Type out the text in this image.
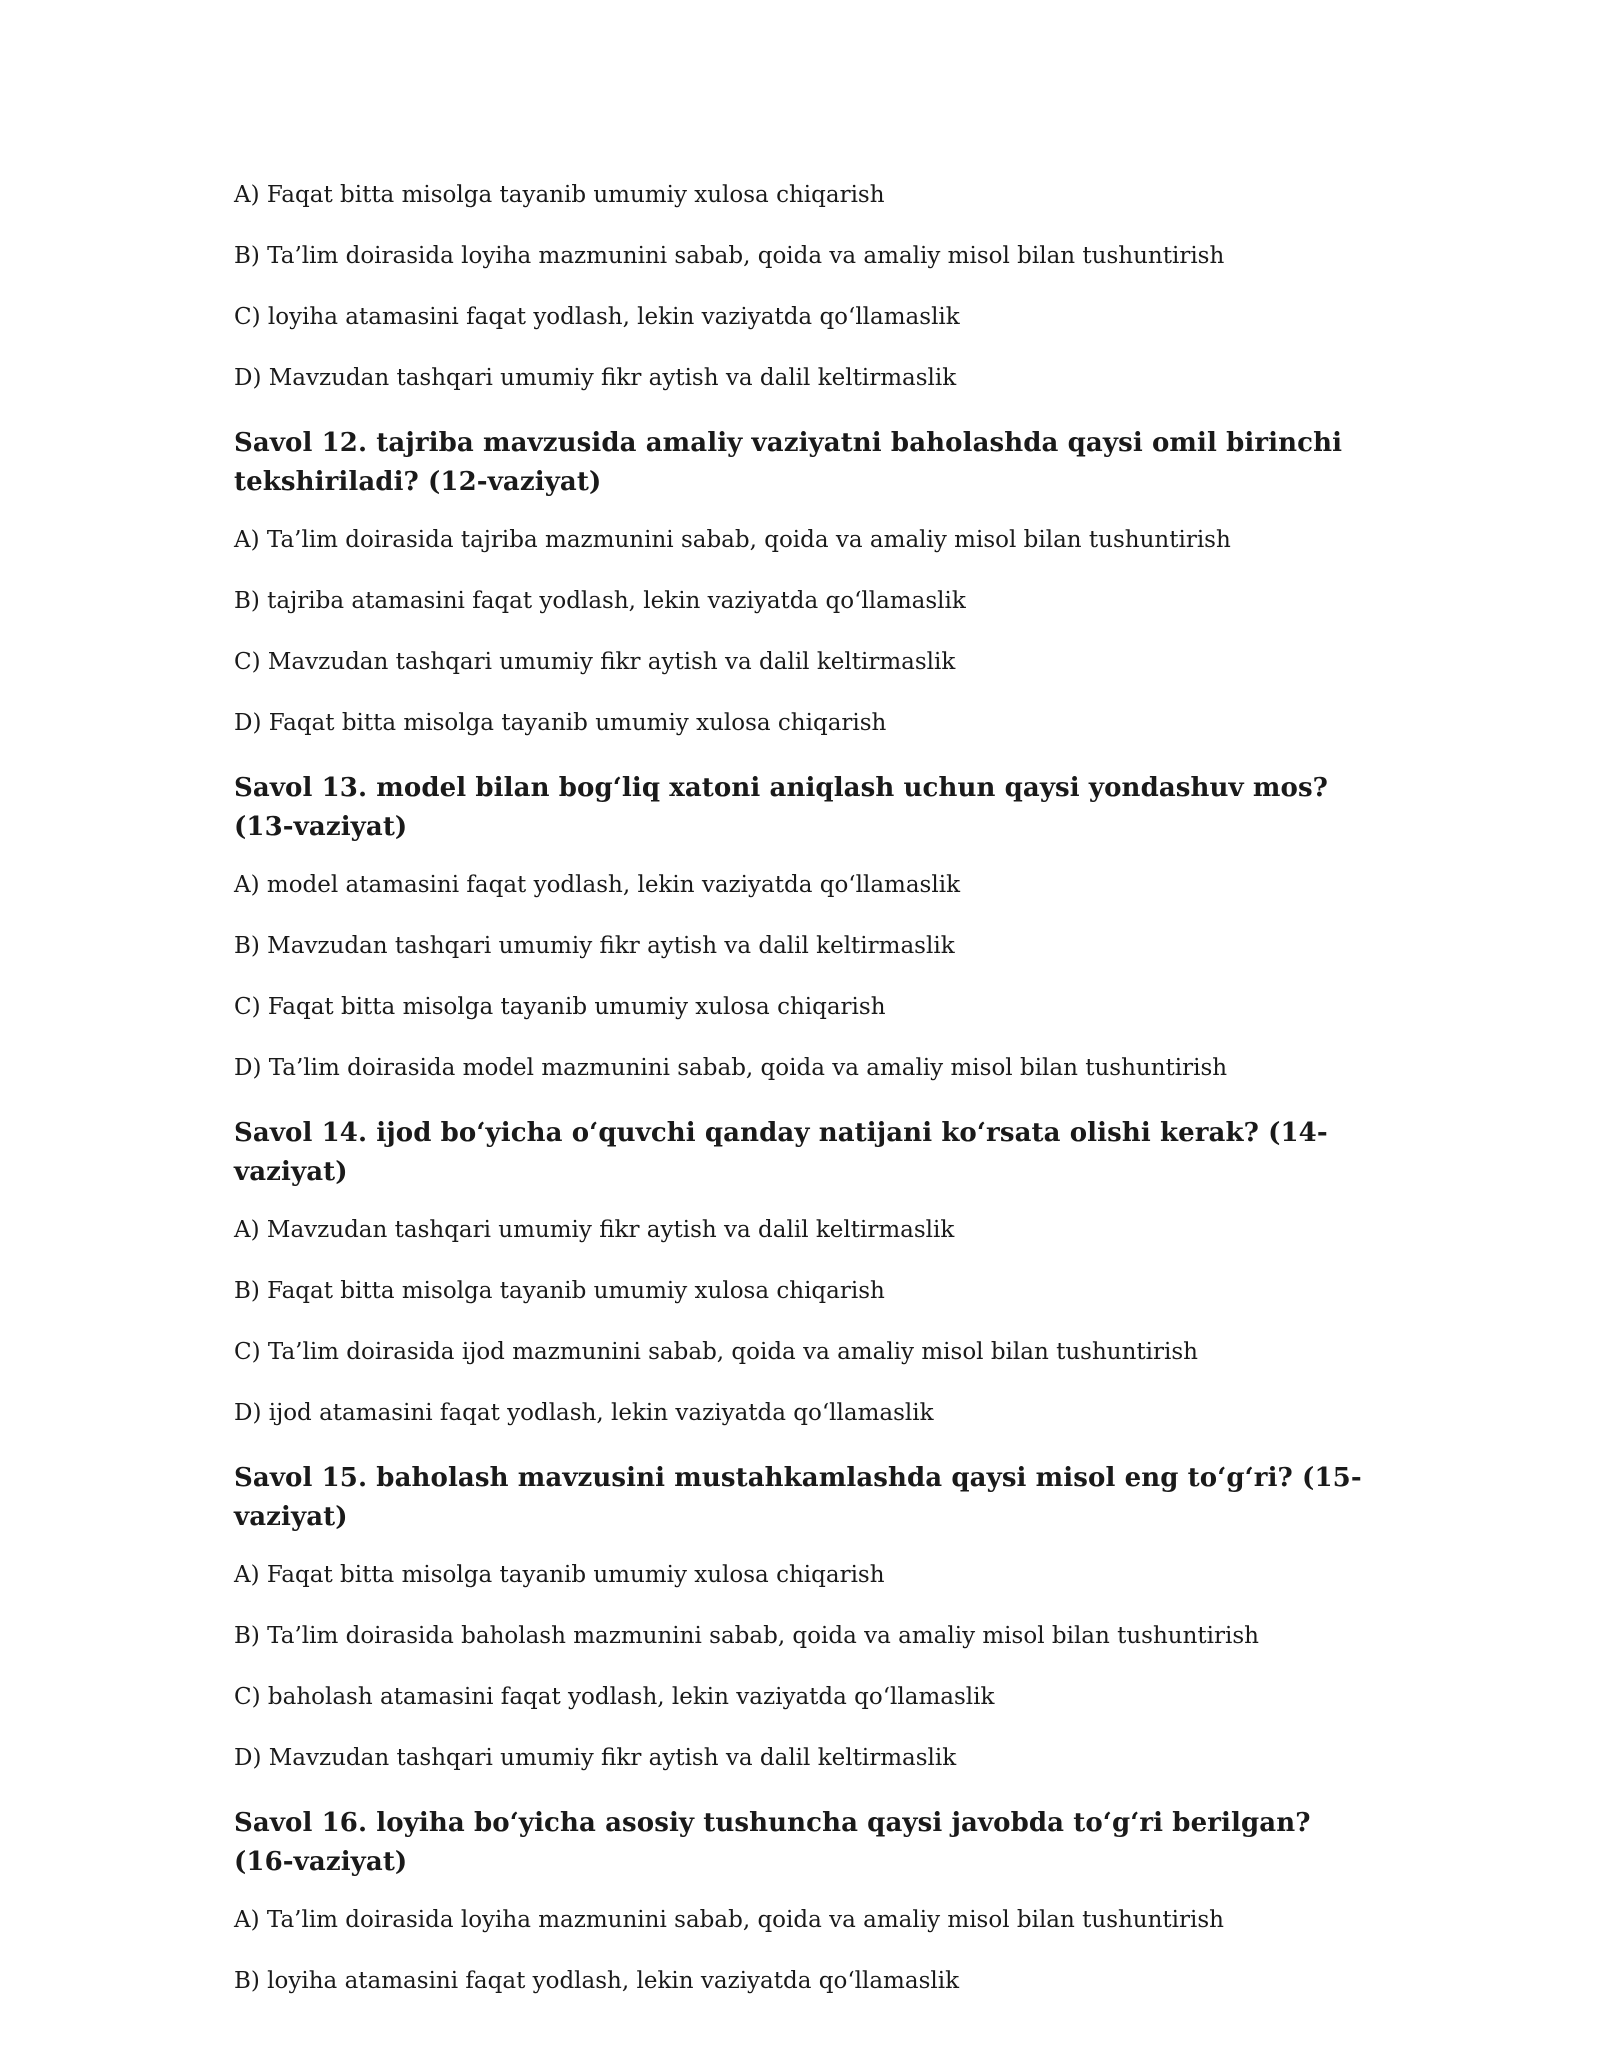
A) Faqat bitta misolga tayanib umumiy xulosa chiqarish

B) Ta’lim doirasida loyiha mazmunini sabab, qoida va amaliy misol bilan tushuntirish

C) loyiha atamasini faqat yodlash, lekin vaziyatda qo‘llamaslik

D) Mavzudan tashqari umumiy fikr aytish va dalil keltirmaslik

Savol 12. tajriba mavzusida amaliy vaziyatni baholashda qaysi omil birinchi
tekshiriladi? (12-vaziyat)

A) Ta’lim doirasida tajriba mazmunini sabab, qoida va amaliy misol bilan tushuntirish

B) tajriba atamasini faqat yodlash, lekin vaziyatda qo‘llamaslik

C) Mavzudan tashqari umumiy fikr aytish va dalil keltirmaslik

D) Faqat bitta misolga tayanib umumiy xulosa chiqarish

Savol 13. model bilan bog‘liq xatoni aniqlash uchun qaysi yondashuv mos? (13-vaziyat)

A) model atamasini faqat yodlash, lekin vaziyatda qo‘llamaslik

B) Mavzudan tashqari umumiy fikr aytish va dalil keltirmaslik

C) Faqat bitta misolga tayanib umumiy xulosa chiqarish

D) Ta’lim doirasida model mazmunini sabab, qoida va amaliy misol bilan tushuntirish

Savol 14. ijod bo‘yicha o‘quvchi qanday natijani ko‘rsata olishi kerak? (14-vaziyat)

A) Mavzudan tashqari umumiy fikr aytish va dalil keltirmaslik

B) Faqat bitta misolga tayanib umumiy xulosa chiqarish

C) Ta’lim doirasida ijod mazmunini sabab, qoida va amaliy misol bilan tushuntirish

D) ijod atamasini faqat yodlash, lekin vaziyatda qo‘llamaslik

Savol 15. baholash mavzusini mustahkamlashda qaysi misol eng to‘g‘ri? (15-vaziyat)

A) Faqat bitta misolga tayanib umumiy xulosa chiqarish

B) Ta’lim doirasida baholash mazmunini sabab, qoida va amaliy misol bilan tushuntirish

C) baholash atamasini faqat yodlash, lekin vaziyatda qo‘llamaslik

D) Mavzudan tashqari umumiy fikr aytish va dalil keltirmaslik

Savol 16. loyiha bo‘yicha asosiy tushuncha qaysi javobda to‘g‘ri berilgan? (16-vaziyat)

A) Ta’lim doirasida loyiha mazmunini sabab, qoida va amaliy misol bilan tushuntirish

B) loyiha atamasini faqat yodlash, lekin vaziyatda qo‘llamaslik
